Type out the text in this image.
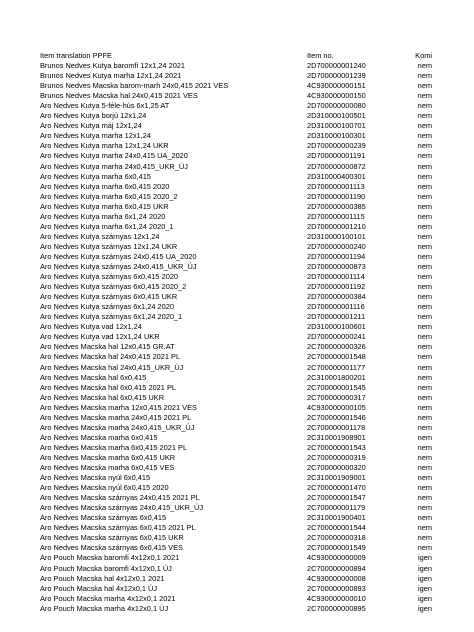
Item translation PPFE	Item no.	Komi
Brunos Nedves Kutya baromfi 12x1,24 2021	2D700000001240	nem
Brunos Nedves Kutya marha 12x1,24 2021	2D700000001239	nem
Brunos Nedves Macska barom-marh 24x0,415 2021 VES	4C930000000151	nem
Brunos Nedves Macska hal 24x0,415 2021 VES	4C930000000150	nem
Aro Nedves Kutya 5-féle-hús 6x1,25 AT	2D700000000080	nem
Aro Nedves Kutya borjú 12x1,24	2D310000100501	nem
Aro Nedves Kutya máj 12x1,24	2D310000100701	nem
Aro Nedves Kutya marha 12x1,24	2D310000100301	nem
Aro Nedves Kutya marha 12x1,24 UKR	2D700000000239	nem
Aro Nedves Kutya marha 24x0,415 UA_2020	2D700000001191	nem
Aro Nedves Kutya marha 24x0,415_UKR_ÚJ	2D700000000872	nem
Aro Nedves Kutya marha 6x0,415	2D310000400301	nem
Aro Nedves Kutya marha 6x0,415 2020	2D700000001113	nem
Aro Nedves Kutya marha 6x0,415 2020_2	2D700000001190	nem
Aro Nedves Kutya marha 6x0,415 UKR	2D700000000385	nem
Aro Nedves Kutya marha 6x1,24 2020	2D700000001115	nem
Aro Nedves Kutya marha 6x1,24 2020_1	2D700000001210	nem
Aro Nedves Kutya szárnyas 12x1,24	2D310000100101	nem
Aro Nedves Kutya szárnyas 12x1,24 UKR	2D700000000240	nem
Aro Nedves Kutya szárnyas 24x0,415 UA_2020	2D700000001194	nem
Aro Nedves Kutya szárnyas 24x0,415_UKR_ÚJ	2D700000000873	nem
Aro Nedves Kutya szárnyas 6x0,415 2020	2D700000001114	nem
Aro Nedves Kutya szárnyas 6x0,415 2020_2	2D700000001192	nem
Aro Nedves Kutya szárnyas 6x0,415 UKR	2D700000000384	nem
Aro Nedves Kutya szárnyas 6x1,24 2020	2D700000001116	nem
Aro Nedves Kutya szárnyas 6x1,24 2020_1	2D700000001211	nem
Aro Nedves Kutya vad 12x1,24	2D310000100601	nem
Aro Nedves Kutya vad 12x1,24 UKR	2D700000000241	nem
Aro Nedves Macska hal 12x0,415 GR.AT	2C700000000326	nem
Aro Nedves Macska hal 24x0,415 2021 PL	2C700000001548	nem
Aro Nedves Macska hal 24x0,415_UKR_ÚJ	2C700000001177	nem
Aro Nedves Macska hal 6x0,415	2C310001800201	nem
Aro Nedves Macska hal 6x0,415 2021 PL	2C700000001545	nem
Aro Nedves Macska hal 6x0,415 UKR	2C700000000317	nem
Aro Nedves Macska marha 12x0,415 2021 VES	4C930000000105	nem
Aro Nedves Macska marha 24x0,415 2021 PL	2C700000001546	nem
Aro Nedves Macska marha 24x0,415_UKR_ÚJ	2C700000001178	nem
Aro Nedves Macska marha 6x0,415	2C310001908901	nem
Aro Nedves Macska marha 6x0,415 2021 PL	2C700000001543	nem
Aro Nedves Macska marha 6x0,415 UKR	2C700000000319	nem
Aro Nedves Macska marha 6x0,415 VES	2C700000000320	nem
Aro Nedves Macska nyúl 6x0,415	2C310001909001	nem
Aro Nedves Macska nyúl 6x0,415 2020	2C700000001470	nem
Aro Nedves Macska szárnyas 24x0,415 2021 PL	2C700000001547	nem
Aro Nedves Macska szárnyas 24x0,415_UKR_ÚJ	2C700000001179	nem
Aro Nedves Macska szárnyas 6x0,415	2C310001900401	nem
Aro Nedves Macska szárnyas 6x0,415 2021 PL	2C700000001544	nem
Aro Nedves Macska szárnyas 6x0,415 UKR	2C700000000318	nem
Aro Nedves Macska szárnyas 6x0,415 VES	2C700000001549	nem
Aro Pouch Macska baromfi 4x12x0,1 2021	4C930000000009	igen
Aro Pouch Macska baromfi 4x12x0,1 ÚJ	2C700000000894	igen
Aro Pouch Macska hal 4x12x0,1 2021	4C930000000008	igen
Aro Pouch Macska hal 4x12x0,1 ÚJ	2C700000000893	igen
Aro Pouch Macska marha 4x12x0,1 2021	4C930000000010	igen
Aro Pouch Macska marha 4x12x0,1 ÚJ	2C700000000895	igen
